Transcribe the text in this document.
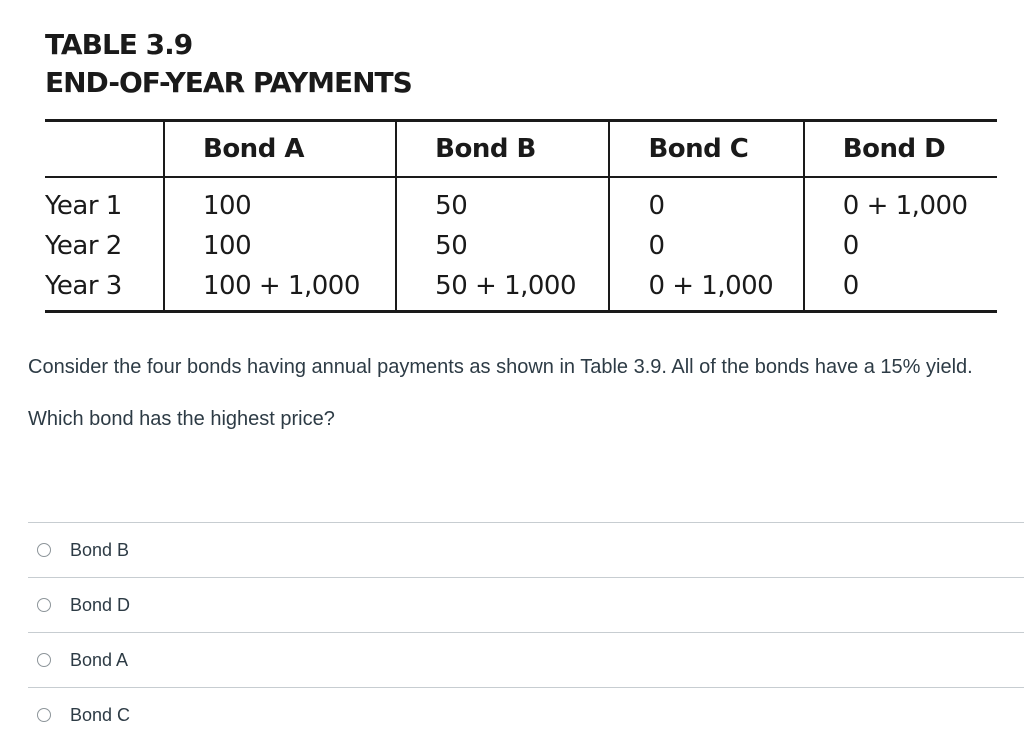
TABLE 3.9
END-OF-YEAR PAYMENTS
	Bond A	Bond B	Bond C	Bond D
Year 1	100	50	0	0 + 1,000
Year 2	100	50	0	0
Year 3	100 + 1,000	50 + 1,000	0 + 1,000	0

Consider the four bonds having annual payments as shown in Table 3.9. All of the bonds have a 15% yield.

Which bond has the highest price?

Bond B
Bond D
Bond A
Bond C
